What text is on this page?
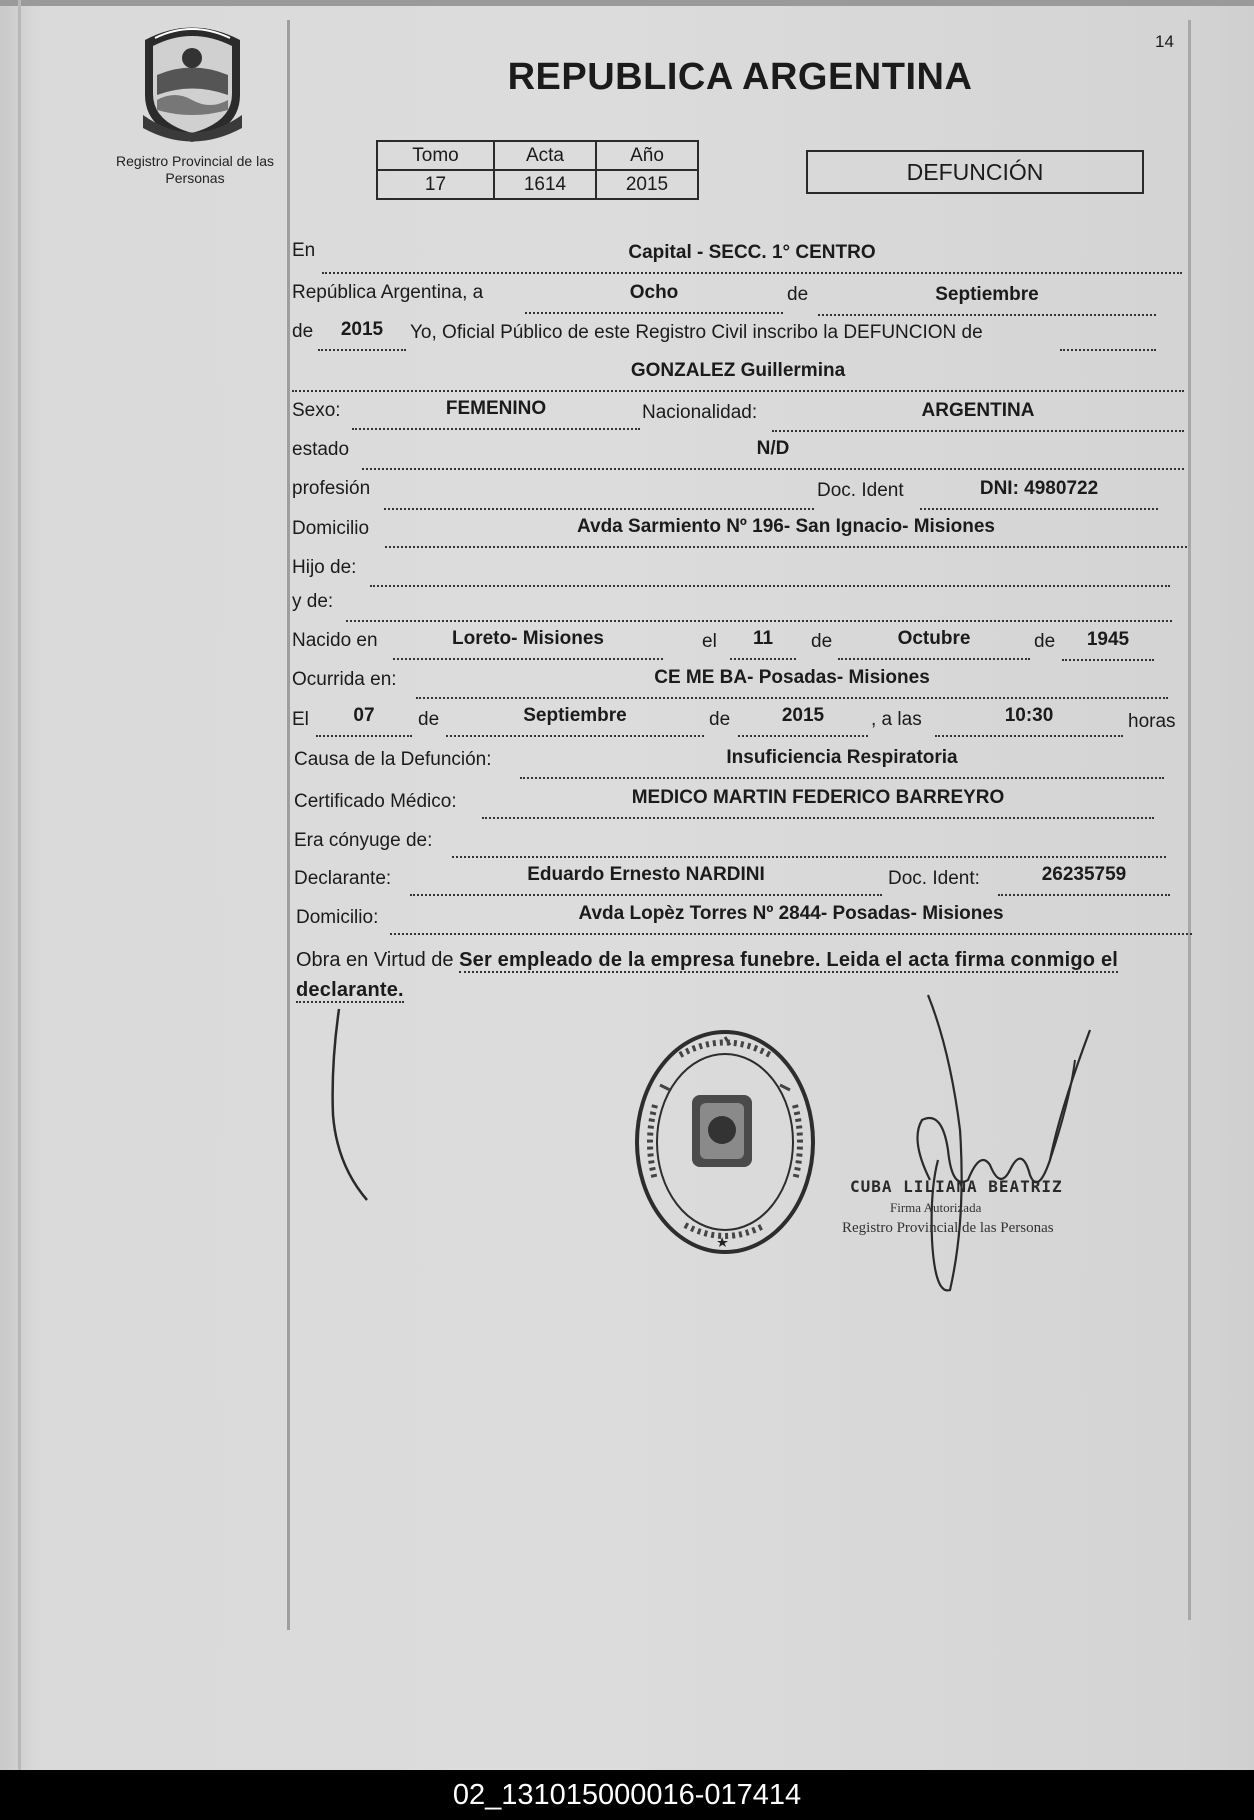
Registro Provincial de las Personas
14
REPUBLICA ARGENTINA
Tomo	Acta	Año
17	1614	2015	DEFUNCIÓN
En	Capital - SECC. 1° CENTRO
República Argentina, a	Ocho	de	Septiembre
de	2015	Yo, Oficial Público de este Registro Civil inscribo la DEFUNCION de
GONZALEZ Guillermina
Sexo:	FEMENINO	Nacionalidad:	ARGENTINA
estado	N/D
profesión	Doc. Ident	DNI: 4980722
Domicilio	Avda Sarmiento Nº 196- San Ignacio- Misiones
Hijo de:
y de:
Nacido en	Loreto- Misiones	el	11	de	Octubre	de	1945
Ocurrida en:	CE ME BA- Posadas- Misiones
El	07	de	Septiembre	de	2015	, a las	10:30	horas
Causa de la Defunción:	Insuficiencia Respiratoria
Certificado Médico:	MEDICO MARTIN FEDERICO BARREYRO
Era cónyuge de:
Declarante:	Eduardo Ernesto NARDINI	Doc. Ident:	26235759
Domicilio:	Avda Lopèz Torres Nº 2844- Posadas- Misiones
Obra en Virtud de Ser empleado de la empresa funebre. Leida el acta firma conmigo el declarante.
CUBA LILIANA BEATRIZ
Firma Autorizada
Registro Provincial de las Personas
02_131015000016-017414
